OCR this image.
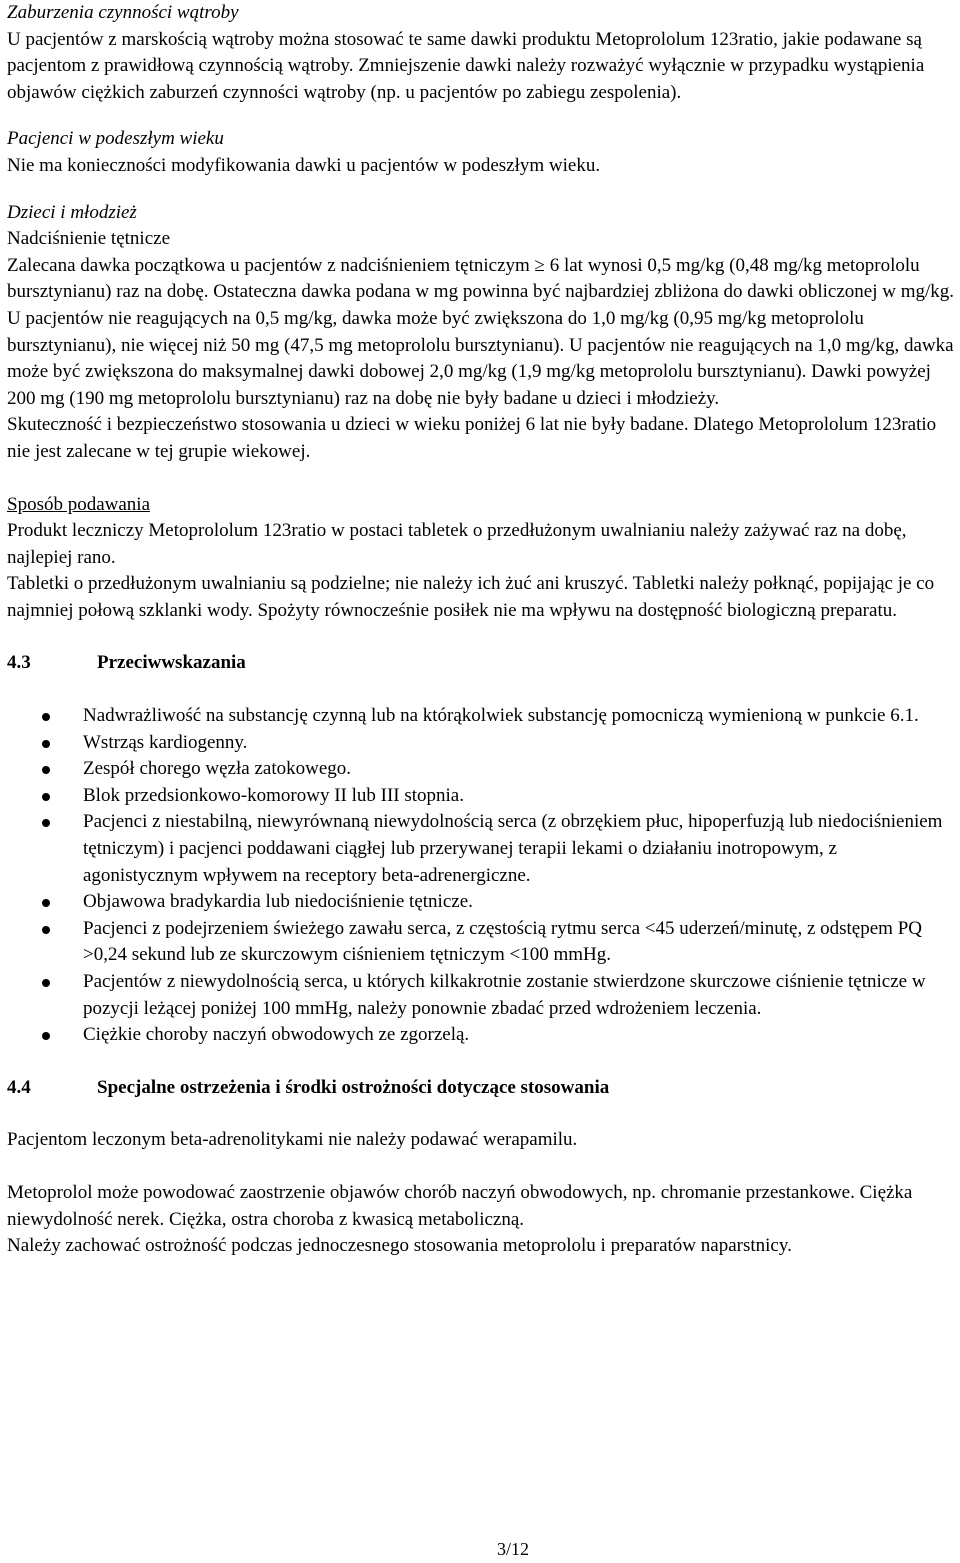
Zaburzenia czynności wątroby

U pacjentów z marskością wątroby można stosować te same dawki produktu Metoprololum 123ratio, jakie podawane są pacjentom z prawidłową czynnością wątroby. Zmniejszenie dawki należy rozważyć wyłącznie w przypadku wystąpienia objawów ciężkich zaburzeń czynności wątroby (np. u pacjentów po zabiegu zespolenia).

Pacjenci w podeszłym wieku

Nie ma konieczności modyfikowania dawki u pacjentów w podeszłym wieku.

Dzieci i młodzież

Nadciśnienie tętnicze

Zalecana dawka początkowa u pacjentów z nadciśnieniem tętniczym ≥ 6 lat wynosi 0,5 mg/kg (0,48 mg/kg metoprololu bursztynianu) raz na dobę. Ostateczna dawka podana w mg powinna być najbardziej zbliżona do dawki obliczonej w mg/kg. U pacjentów nie reagujących na 0,5 mg/kg, dawka może być zwiększona do 1,0 mg/kg (0,95 mg/kg metoprololu bursztynianu), nie więcej niż 50 mg (47,5 mg metoprololu bursztynianu). U pacjentów nie reagujących na 1,0 mg/kg, dawka może być zwiększona do maksymalnej dawki dobowej 2,0 mg/kg (1,9 mg/kg metoprololu bursztynianu). Dawki powyżej 200 mg (190 mg metoprololu bursztynianu) raz na dobę nie były badane u dzieci i młodzieży.

Skuteczność i bezpieczeństwo stosowania u dzieci w wieku poniżej 6 lat nie były badane. Dlatego Metoprololum 123ratio nie jest zalecane w tej grupie wiekowej.

Sposób podawania

Produkt leczniczy Metoprololum 123ratio w postaci tabletek o przedłużonym uwalnianiu należy zażywać raz na dobę, najlepiej rano.

Tabletki o przedłużonym uwalnianiu są podzielne; nie należy ich żuć ani kruszyć. Tabletki należy połknąć, popijając je co najmniej połową szklanki wody. Spożyty równocześnie posiłek nie ma wpływu na dostępność biologiczną preparatu.

4.3	Przeciwwskazania
Nadwrażliwość na substancję czynną lub na którąkolwiek substancję pomocniczą wymienioną w punkcie 6.1.
Wstrząs kardiogenny.
Zespół chorego węzła zatokowego.
Blok przedsionkowo-komorowy II lub III stopnia.
Pacjenci z niestabilną, niewyrównaną niewydolnością serca (z obrzękiem płuc, hipoperfuzją lub niedociśnieniem tętniczym) i pacjenci poddawani ciągłej lub przerywanej terapii lekami o działaniu inotropowym, z agonistycznym wpływem na receptory beta-adrenergiczne.
Objawowa bradykardia lub niedociśnienie tętnicze.
Pacjenci z podejrzeniem świeżego zawału serca, z częstością rytmu serca <45 uderzeń/minutę, z odstępem PQ >0,24 sekund lub ze skurczowym ciśnieniem tętniczym <100 mmHg.
Pacjentów z niewydolnością serca, u których kilkakrotnie zostanie stwierdzone skurczowe ciśnienie tętnicze w pozycji leżącej poniżej 100 mmHg, należy ponownie zbadać przed wdrożeniem leczenia.
Ciężkie choroby naczyń obwodowych ze zgorzelą.
4.4	Specjalne ostrzeżenia i środki ostrożności dotyczące stosowania

Pacjentom leczonym beta-adrenolitykami nie należy podawać werapamilu.

Metoprolol może powodować zaostrzenie objawów chorób naczyń obwodowych, np. chromanie przestankowe. Ciężka niewydolność nerek. Ciężka, ostra choroba z kwasicą metaboliczną.

Należy zachować ostrożność podczas jednoczesnego stosowania metoprololu i preparatów naparstnicy.

3/12
